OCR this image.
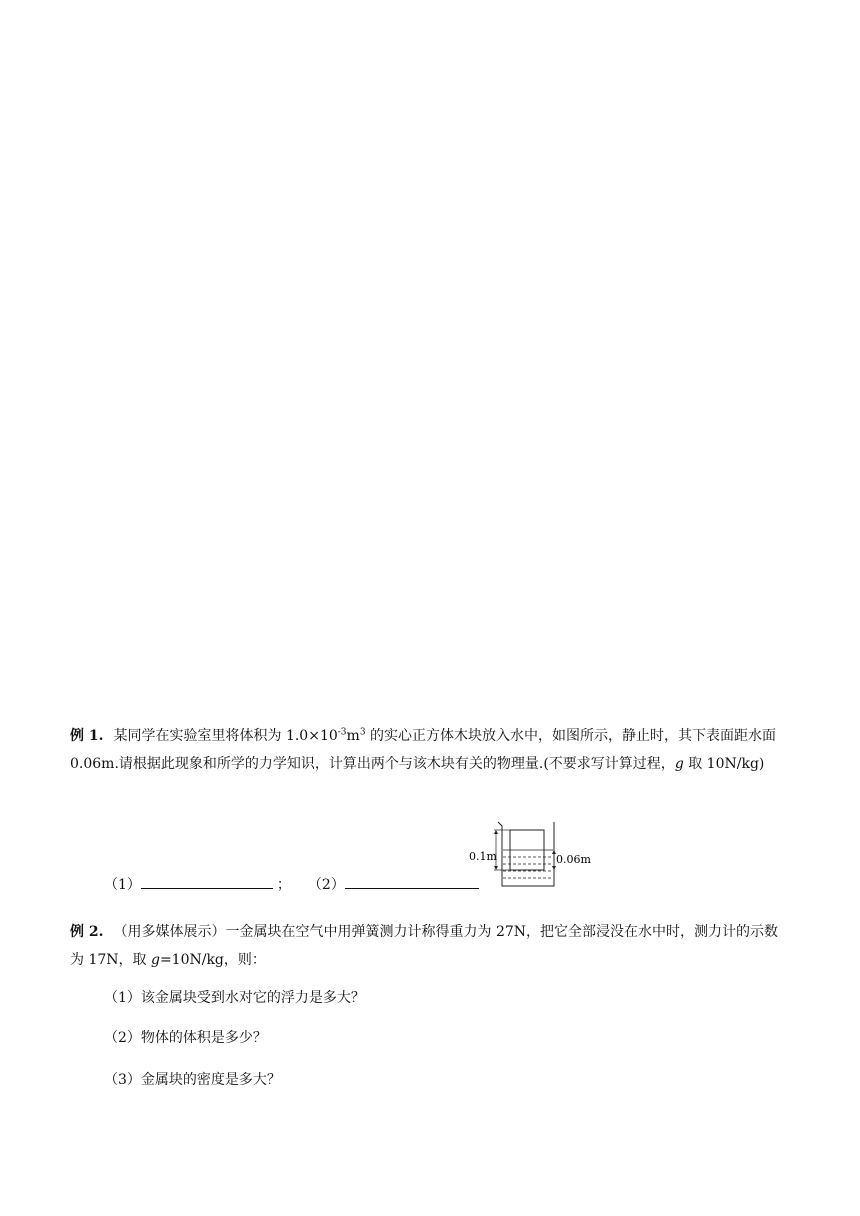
例 1. 某同学在实验室里将体积为 $1.0\times 10^{-3}m^3$ 的实心正方体木块放入水中，如图所示，静止时，其下表面距水面 0.06m.请根据此现象和所学的力学知识，计算出两个与该木块有关的物理量.(不要求写计算过程，g 取 10N/kg)

（1）	； （2）

0.1m	0.06m

例 2. （用多媒体展示）一金属块在空气中用弹簧测力计称得重力为 27N，把它全部浸没在水中时，测力计的示数为 17N，取 g=10N/kg，则：

（1）该金属块受到水对它的浮力是多大？

（2）物体的体积是多少？

（3）金属块的密度是多大？
